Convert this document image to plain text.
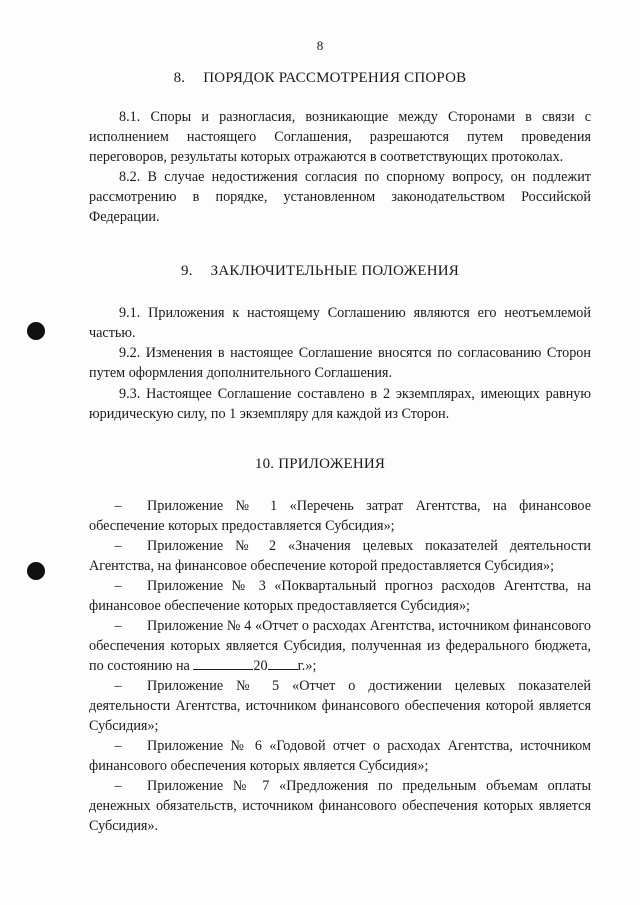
8
8. ПОРЯДОК РАССМОТРЕНИЯ СПОРОВ
8.1. Споры и разногласия, возникающие между Сторонами в связи с исполнением настоящего Соглашения, разрешаются путем проведения переговоров, результаты которых отражаются в соответствующих протоколах.
8.2. В случае недостижения согласия по спорному вопросу, он подлежит рассмотрению в порядке, установленном законодательством Российской Федерации.
9. ЗАКЛЮЧИТЕЛЬНЫЕ ПОЛОЖЕНИЯ
9.1. Приложения к настоящему Соглашению являются его неотъемлемой частью.
9.2. Изменения в настоящее Соглашение вносятся по согласованию Сторон путем оформления дополнительного Соглашения.
9.3. Настоящее Соглашение составлено в 2 экземплярах, имеющих равную юридическую силу, по 1 экземпляру для каждой из Сторон.
10. ПРИЛОЖЕНИЯ
– Приложение № 1 «Перечень затрат Агентства, на финансовое обеспечение которых предоставляется Субсидия»;
– Приложение № 2 «Значения целевых показателей деятельности Агентства, на финансовое обеспечение которой предоставляется Субсидия»;
– Приложение № 3 «Поквартальный прогноз расходов Агентства, на финансовое обеспечение которых предоставляется Субсидия»;
– Приложение № 4 «Отчет о расходах Агентства, источником финансового обеспечения которых является Субсидия, полученная из федерального бюджета, по состоянию на	20 г.»;
– Приложение № 5 «Отчет о достижении целевых показателей деятельности Агентства, источником финансового обеспечения которой является Субсидия»;
– Приложение № 6 «Годовой отчет о расходах Агентства, источником финансового обеспечения которых является Субсидия»;
– Приложение № 7 «Предложения по предельным объемам оплаты денежных обязательств, источником финансового обеспечения которых является Субсидия».
